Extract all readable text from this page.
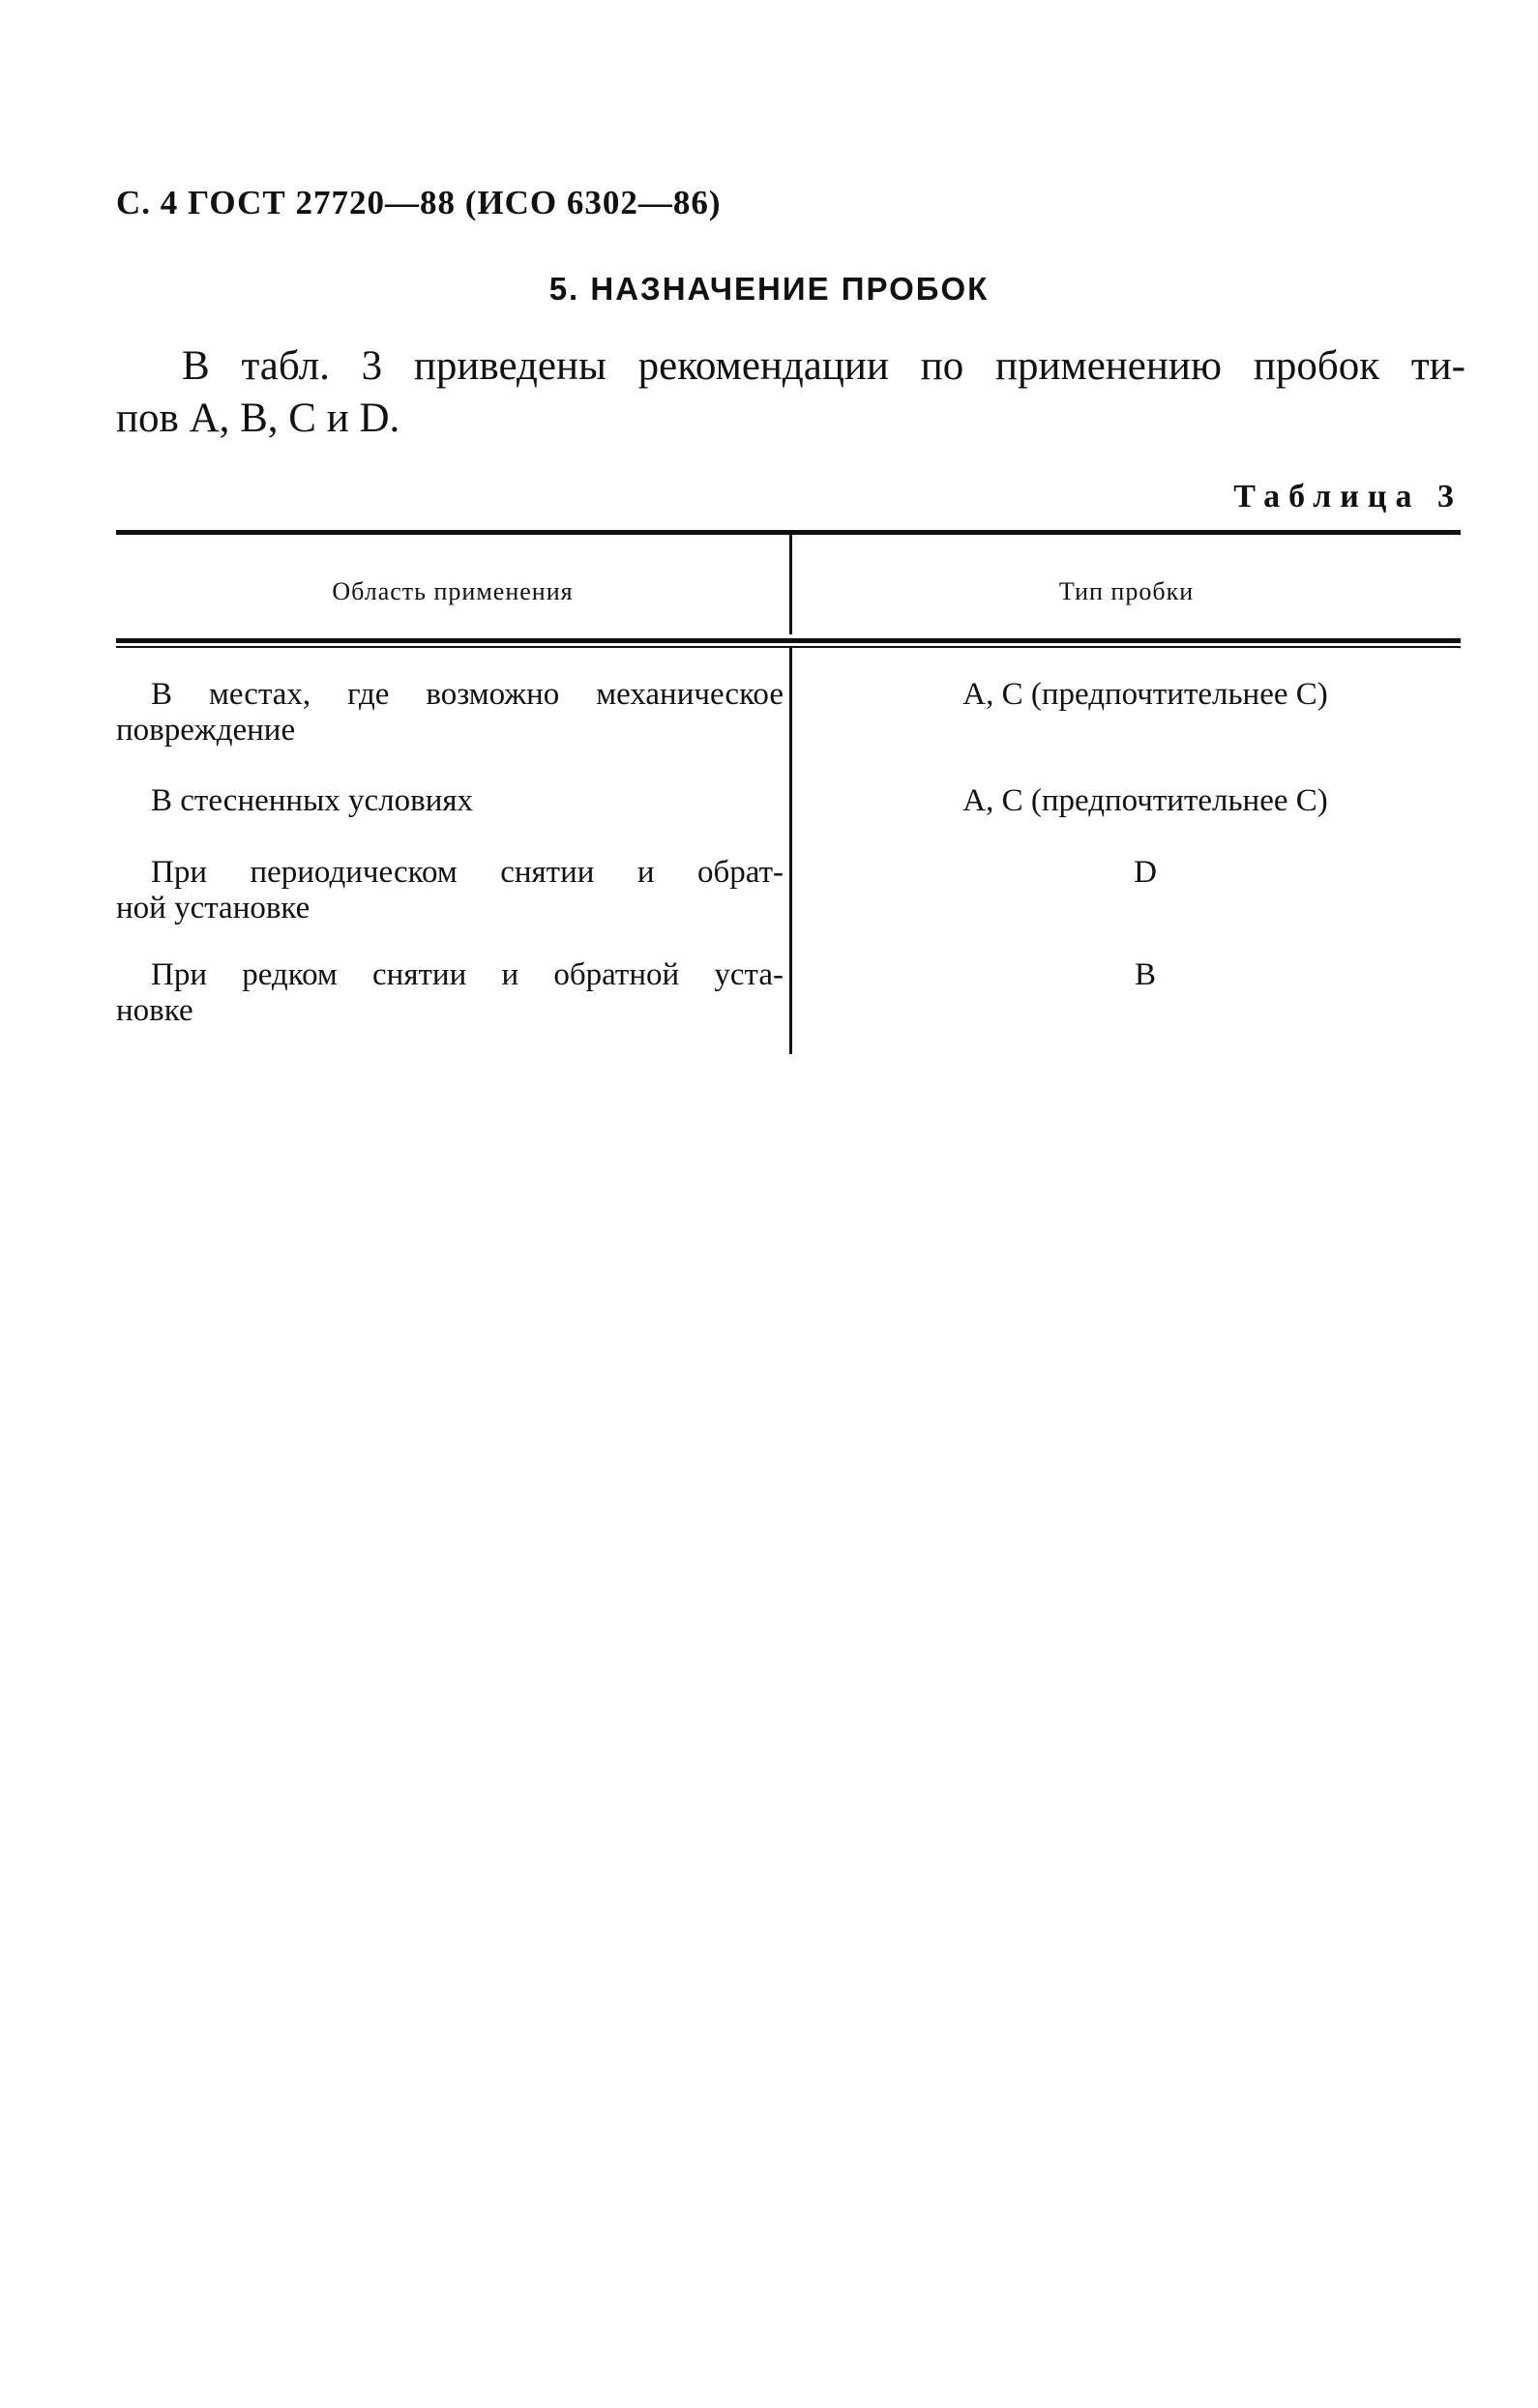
С. 4 ГОСТ 27720—88 (ИСО 6302—86)
5. НАЗНАЧЕНИЕ ПРОБОК
В табл. 3 приведены рекомендации по применению пробок ти-
пов А, В, С и D.
Таблица 3
Область применения	Тип пробки
В местах, где возможно механическое
повреждение
А, С (предпочтительнее С)
В стесненных условиях	А, С (предпочтительнее С)
При периодическом снятии и обрат-
ной установке
D
При редком снятии и обратной уста-
новке
В
